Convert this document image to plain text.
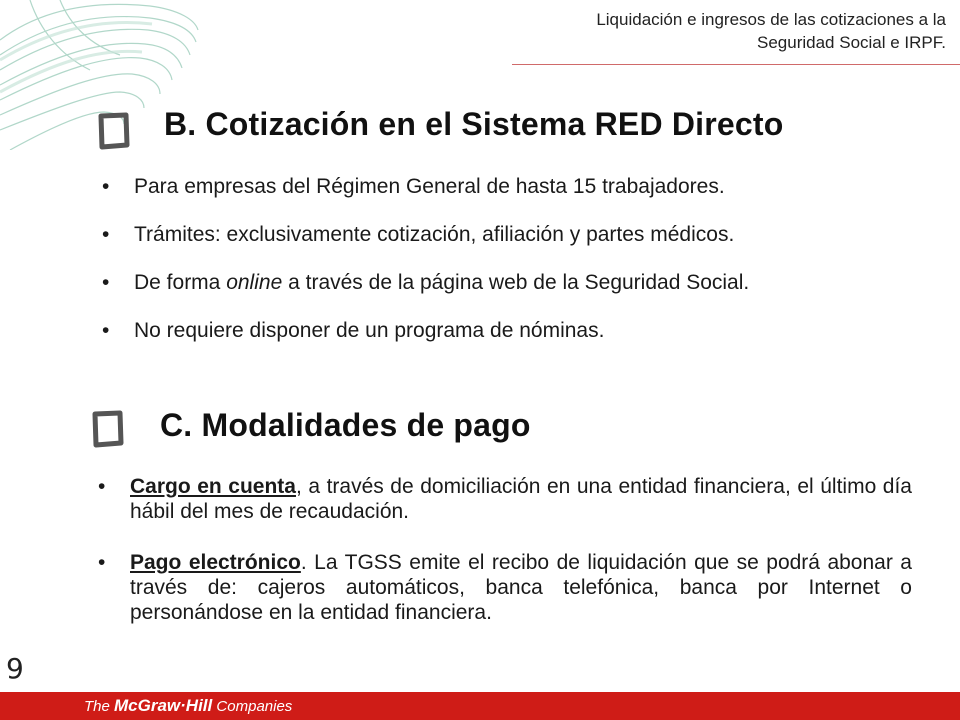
Liquidación e ingresos de las cotizaciones a la
Seguridad Social e IRPF.
B. Cotización en el Sistema RED Directo
• Para empresas del Régimen General de hasta 15 trabajadores.
• Trámites: exclusivamente cotización, afiliación y partes médicos.
• De forma online a través de la página web de la Seguridad Social.
• No requiere disponer de un programa de nóminas.
C. Modalidades de pago
• Cargo en cuenta, a través de domiciliación en una entidad financiera, el último día hábil del mes de recaudación.
• Pago electrónico. La TGSS emite el recibo de liquidación que se podrá abonar a través de: cajeros automáticos, banca telefónica, banca por Internet o personándose en la entidad financiera.
9
The McGraw·Hill Companies
